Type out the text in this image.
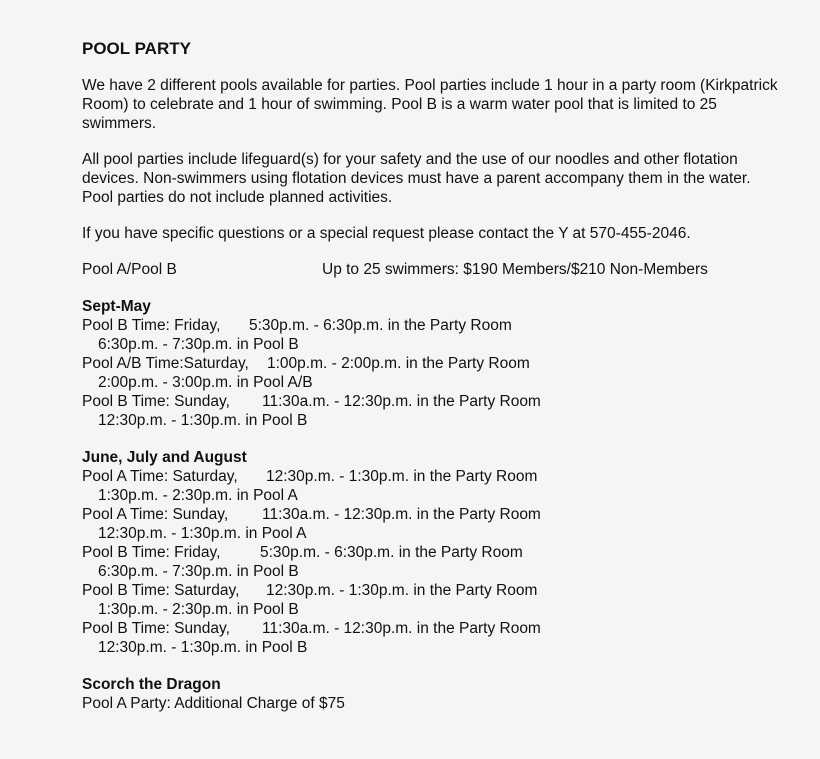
POOL PARTY
We have 2 different pools available for parties. Pool parties include 1 hour in a party room (Kirkpatrick Room) to celebrate and 1 hour of swimming. Pool B is a warm water pool that is limited to 25 swimmers.
All pool parties include lifeguard(s) for your safety and the use of our noodles and other flotation devices. Non-swimmers using flotation devices must have a parent accompany them in the water. Pool parties do not include planned activities.
If you have specific questions or a special request please contact the Y at 570-455-2046.
Pool A/Pool B	Up to 25 swimmers: $190 Members/$210 Non-Members
Sept-May
Pool B Time: Friday, 5:30p.m. - 6:30p.m. in the Party Room
6:30p.m. - 7:30p.m. in Pool B
Pool A/B Time:Saturday, 1:00p.m. - 2:00p.m. in the Party Room
2:00p.m. - 3:00p.m. in Pool A/B
Pool B Time: Sunday, 11:30a.m. - 12:30p.m. in the Party Room
12:30p.m. - 1:30p.m. in Pool B
June, July and August
Pool A Time: Saturday, 12:30p.m. - 1:30p.m. in the Party Room
1:30p.m. - 2:30p.m. in Pool A
Pool A Time: Sunday, 11:30a.m. - 12:30p.m. in the Party Room
12:30p.m. - 1:30p.m. in Pool A
Pool B Time: Friday,	5:30p.m. - 6:30p.m. in the Party Room
6:30p.m. - 7:30p.m. in Pool B
Pool B Time: Saturday, 12:30p.m. - 1:30p.m. in the Party Room
1:30p.m. - 2:30p.m. in Pool B
Pool B Time: Sunday, 11:30a.m. - 12:30p.m. in the Party Room
12:30p.m. - 1:30p.m. in Pool B
Scorch the Dragon
Pool A Party: Additional Charge of $75
